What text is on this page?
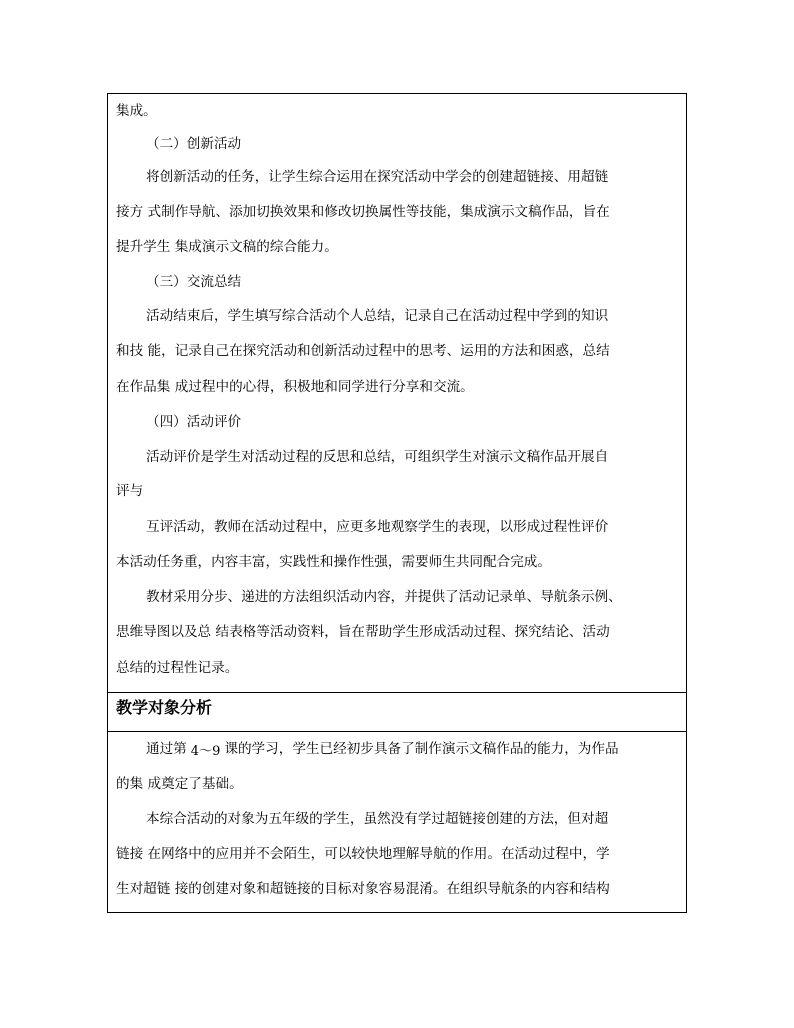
集成。
（二）创新活动
将创新活动的任务，让学生综合运用在探究活动中学会的创建超链接、用超链
接方 式制作导航、添加切换效果和修改切换属性等技能，集成演示文稿作品，旨在
提升学生 集成演示文稿的综合能力。
（三）交流总结
活动结束后，学生填写综合活动个人总结，记录自己在活动过程中学到的知识
和技 能，记录自己在探究活动和创新活动过程中的思考、运用的方法和困惑，总结
在作品集 成过程中的心得，积极地和同学进行分享和交流。
（四）活动评价
活动评价是学生对活动过程的反思和总结，可组织学生对演示文稿作品开展自
评与
互评活动，教师在活动过程中，应更多地观察学生的表现，以形成过程性评价
本活动任务重，内容丰富，实践性和操作性强，需要师生共同配合完成。
教材采用分步、递进的方法组织活动内容，并提供了活动记录单、导航条示例、
思维导图以及总 结表格等活动资料，旨在帮助学生形成活动过程、探究结论、活动
总结的过程性记录。
教学对象分析
通过第 4〜9 课的学习，学生已经初步具备了制作演示文稿作品的能力，为作品
的集 成奠定了基础。
本综合活动的对象为五年级的学生，虽然没有学过超链接创建的方法，但对超
链接 在网络中的应用并不会陌生，可以较快地理解导航的作用。在活动过程中，学
生对超链 接的创建对象和超链接的目标对象容易混淆。在组织导航条的内容和结构
